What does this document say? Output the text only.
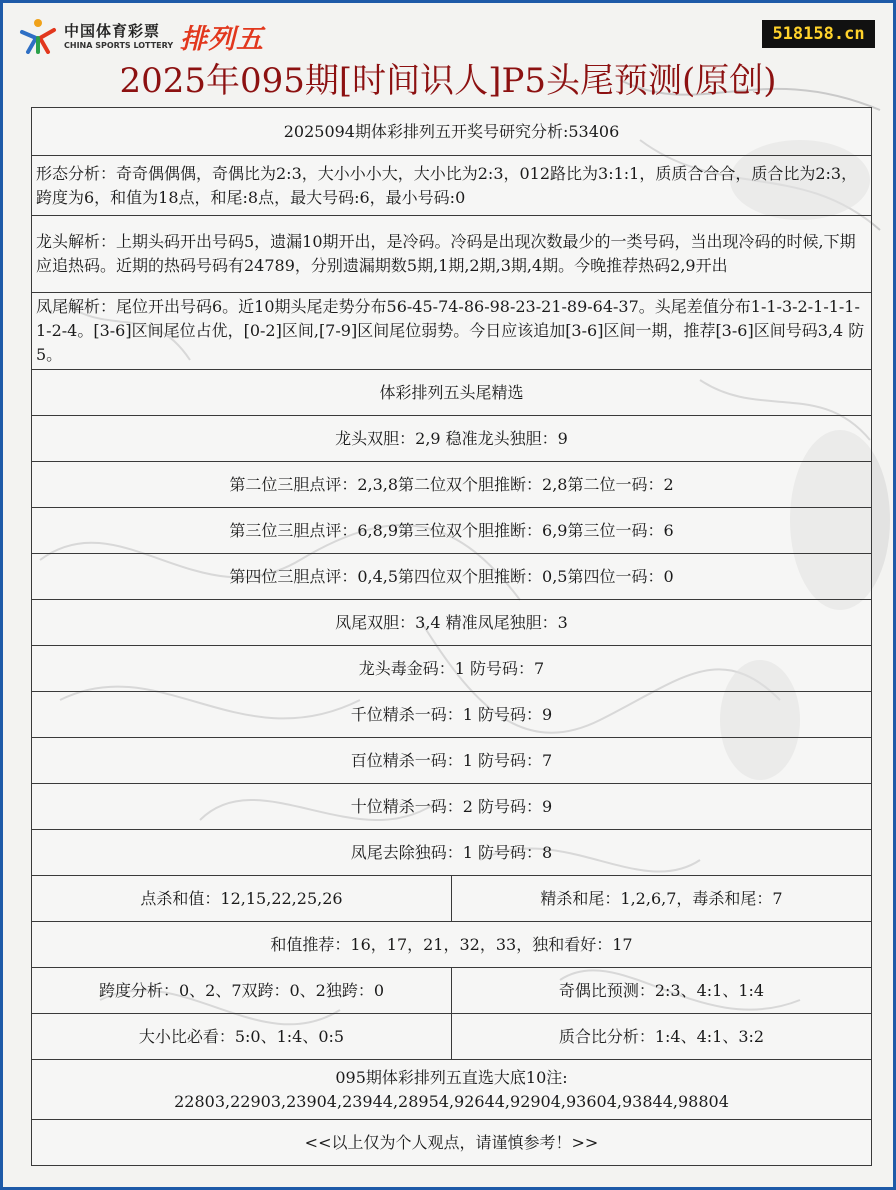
中国体育彩票
CHINA SPORTS LOTTERY 排列五	518158.cn
2025年095期[时间识人]P5头尾预测(原创)
2025094期体彩排列五开奖号研究分析:53406	
形态分析：奇奇偶偶偶，奇偶比为2:3，大小小小大，大小比为2:3，012路比为3:1:1，质质合合合，质合比为2:3，跨度为6，和值为18点，和尾:8点，最大号码:6，最小号码:0	
龙头解析：上期头码开出号码5，遗漏10期开出，是冷码。冷码是出现次数最少的一类号码，当出现冷码的时候,下期应追热码。近期的热码号码有24789，分别遗漏期数5期,1期,2期,3期,4期。今晚推荐热码2,9开出	
凤尾解析：尾位开出号码6。近10期头尾走势分布56-45-74-86-98-23-21-89-64-37。头尾差值分布1-1-3-2-1-1-1-1-2-4。[3-6]区间尾位占优，[0-2]区间,[7-9]区间尾位弱势。今日应该追加[3-6]区间一期，推荐[3-6]区间号码3,4 防5。	
体彩排列五头尾精选	
龙头双胆：2,9 稳准龙头独胆：9	
第二位三胆点评：2,3,8第二位双个胆推断：2,8第二位一码：2	
第三位三胆点评：6,8,9第三位双个胆推断：6,9第三位一码：6	
第四位三胆点评：0,4,5第四位双个胆推断：0,5第四位一码：0	
凤尾双胆：3,4 精准凤尾独胆：3	
龙头毒金码：1 防号码：7	
千位精杀一码：1 防号码：9	
百位精杀一码：1 防号码：7	
十位精杀一码：2 防号码：9	
凤尾去除独码：1 防号码：8	
点杀和值：12,15,22,25,26	精杀和尾：1,2,6,7，毒杀和尾：7
和值推荐：16，17，21，32，33，独和看好：17	
跨度分析：0、2、7双跨：0、2独跨：0	奇偶比预测：2:3、4:1、1:4
大小比必看：5:0、1:4、0:5	质合比分析：1:4、4:1、3:2

095期体彩排列五直选大底10注:
22803,22903,23904,23944,28954,92644,92904,93604,93844,98804	

<<以上仅为个人观点，请谨慎参考！>>	
